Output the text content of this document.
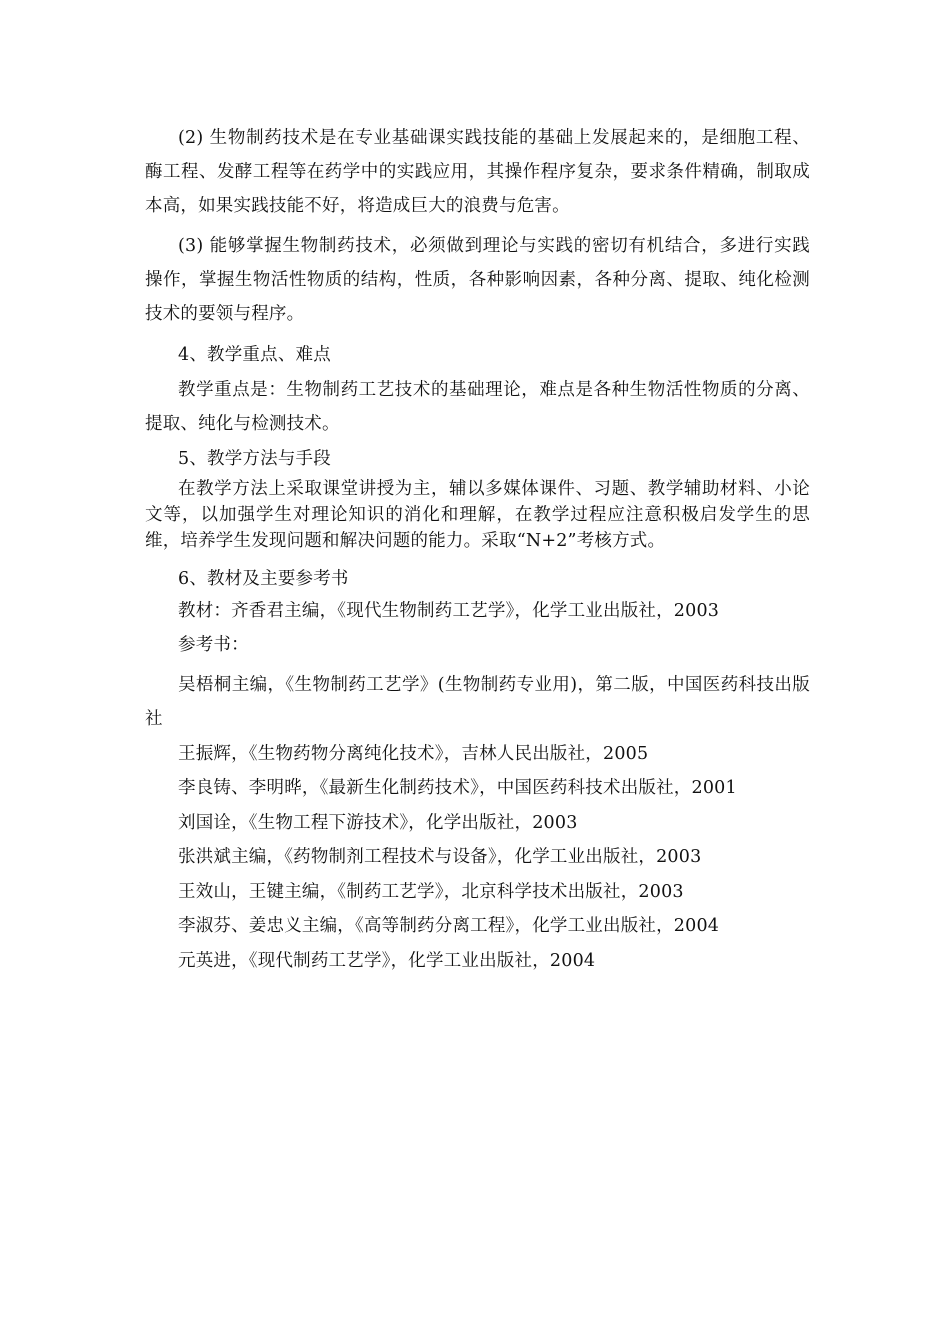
(2) 生物制药技术是在专业基础课实践技能的基础上发展起来的，是细胞工程、酶工程、发酵工程等在药学中的实践应用，其操作程序复杂，要求条件精确，制取成本高，如果实践技能不好，将造成巨大的浪费与危害。

(3) 能够掌握生物制药技术，必须做到理论与实践的密切有机结合，多进行实践操作，掌握生物活性物质的结构，性质，各种影响因素，各种分离、提取、纯化检测技术的要领与程序。

4、教学重点、难点

教学重点是：生物制药工艺技术的基础理论，难点是各种生物活性物质的分离、提取、纯化与检测技术。

5、教学方法与手段

在教学方法上采取课堂讲授为主，辅以多媒体课件、习题、教学辅助材料、小论文等，以加强学生对理论知识的消化和理解，在教学过程应注意积极启发学生的思维，培养学生发现问题和解决问题的能力。采取“N+2”考核方式。

6、教材及主要参考书

教材：齐香君主编，《现代生物制药工艺学》，化学工业出版社，2003

参考书：

吴梧桐主编，《生物制药工艺学》(生物制药专业用)，第二版，中国医药科技出版社

王振辉，《生物药物分离纯化技术》，吉林人民出版社，2005

李良铸、李明晔，《最新生化制药技术》，中国医药科技术出版社，2001

刘国诠，《生物工程下游技术》，化学出版社，2003

张洪斌主编，《药物制剂工程技术与设备》，化学工业出版社，2003

王效山，王键主编，《制药工艺学》，北京科学技术出版社，2003

李淑芬、姜忠义主编，《高等制药分离工程》，化学工业出版社，2004

元英进，《现代制药工艺学》，化学工业出版社，2004
